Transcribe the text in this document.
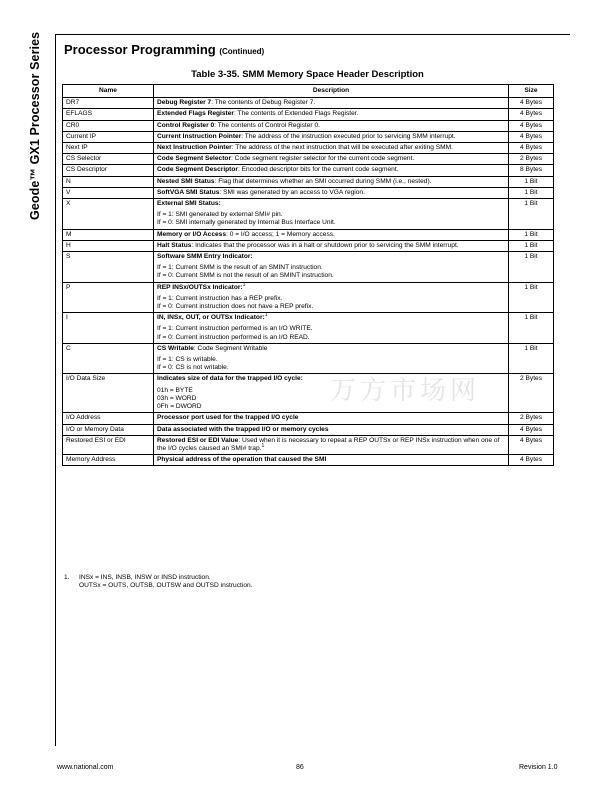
Geode™ GX1 Processor Series Processor Programming (Continued)
Table 3-35. SMM Memory Space Header Description
万方市场网
Name	Description	Size
DR7	Debug Register 7: The contents of Debug Register 7.	4 Bytes
EFLAGS	Extended Flags Register: The contents of Extended Flags Register.	4 Bytes
CR0	Control Register 0: The contents of Control Register 0.	4 Bytes
Current IP	Current Instruction Pointer: The address of the instruction executed prior to servicing SMM interrupt.	4 Bytes
Next IP	Next Instruction Pointer: The address of the next instruction that will be executed after exiting SMM.	4 Bytes
CS Selector	Code Segment Selector: Code segment register selector for the current code segment.	2 Bytes
CS Descriptor	Code Segment Descriptor: Encoded descriptor bits for the current code segment.	8 Bytes
N	Nested SMI Status: Flag that determines whether an SMI occurred during SMM (i.e., nested).	1 Bit
V	SoftVGA SMI Status: SMI was generated by an access to VGA region.	1 Bit
X	External SMI Status:
If = 1: SMI generated by external SMI# pin.
If = 0: SMI internally generated by Internal Bus Interface Unit.	1 Bit
M	Memory or I/O Access: 0 = I/O access; 1 = Memory access.	1 Bit
H	Halt Status: Indicates that the processor was in a halt or shutdown prior to servicing the SMM interrupt.	1 Bit
S	Software SMM Entry Indicator:
If = 1: Current SMM is the result of an SMINT instruction.
If = 0: Current SMM is not the result of an SMINT instruction.	1 Bit
P	REP INSx/OUTSx Indicator:$^1$
If = 1: Current instruction has a REP prefix.
If = 0: Current instruction does not have a REP prefix.	1 Bit
I	IN, INSx, OUT, or OUTSx Indicator:$^1$
If = 1: Current instruction performed is an I/O WRITE.
If = 0: Current instruction performed is an I/O READ.	1 Bit
C	CS Writable: Code Segment Writable
If = 1: CS is writable.
If = 0: CS is not writable.	1 Bit
I/O Data Size	Indicates size of data for the trapped I/O cycle:
01h = BYTE
03h = WORD
0Fh = DWORD	2 Bytes
I/O Address	Processor port used for the trapped I/O cycle	2 Bytes
I/O or Memory Data	Data associated with the trapped I/O or memory cycles	4 Bytes
Restored ESI or EDI	Restored ESI or EDI Value: Used when it is necessary to repeat a REP OUTSx or REP INSx instruction when one of the I/O cycles caused an SMI# trap.$^1$	4 Bytes
Memory Address	Physical address of the operation that caused the SMI	4 Bytes
1. INSx = INS, INSB, INSW or INSD instruction.
OUTSx = OUTS, OUTSB, OUTSW and OUTSD instruction.
www.national.com	86	Revision 1.0
